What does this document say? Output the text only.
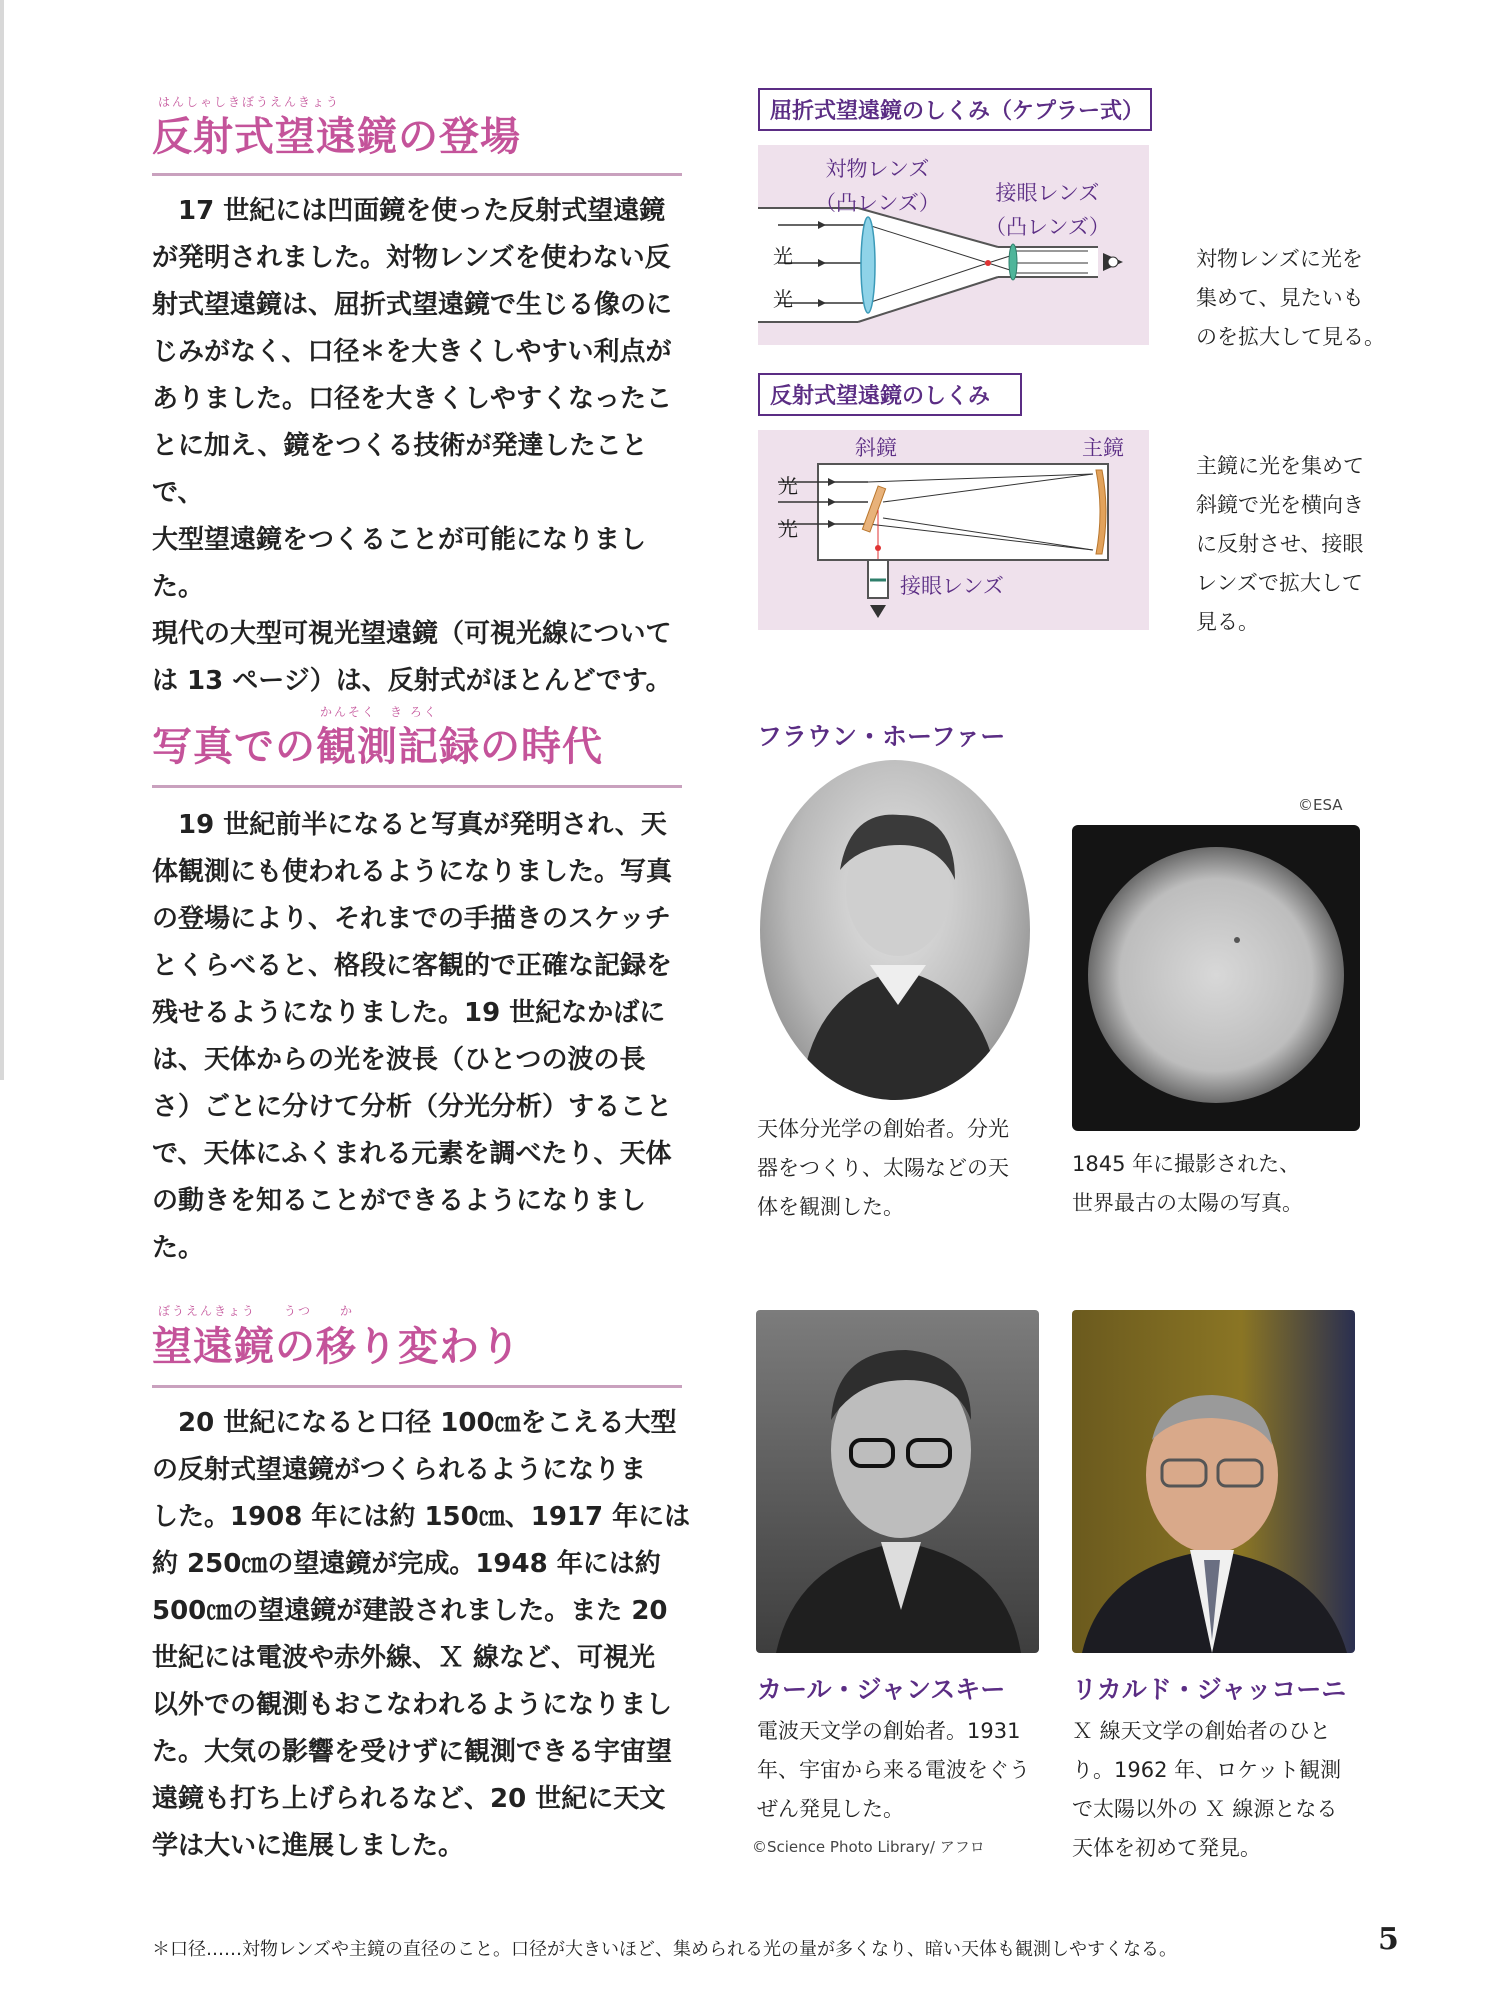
はんしゃしきぼうえんきょう
反射式望遠鏡の登場
　17 世紀には凹面鏡を使った反射式望遠鏡
が発明されました。対物レンズを使わない反
射式望遠鏡は、屈折式望遠鏡で生じる像のに
じみがなく、口径＊を大きくしやすい利点が
ありました。口径を大きくしやすくなったこ
とに加え、鏡をつくる技術が発達したことで、
大型望遠鏡をつくることが可能になりました。
現代の大型可視光望遠鏡（可視光線について
は 13 ページ）は、反射式がほとんどです。
屈折式望遠鏡のしくみ（ケプラー式）
対物レンズ
（凸レンズ）	接眼レンズ
（凸レンズ）
光
光
対物レンズに光を
集めて、見たいも
のを拡大して見る。
反射式望遠鏡のしくみ
斜鏡	主鏡
接眼レンズ
光
光
主鏡に光を集めて
斜鏡で光を横向き
に反射させ、接眼
レンズで拡大して
見る。
かんそく　き ろく
写真での観測記録の時代
　19 世紀前半になると写真が発明され、天
体観測にも使われるようになりました。写真
の登場により、それまでの手描きのスケッチ
とくらべると、格段に客観的で正確な記録を
残せるようになりました。19 世紀なかばに
は、天体からの光を波長（ひとつの波の長
さ）ごとに分けて分析（分光分析）すること
で、天体にふくまれる元素を調べたり、天体
の動きを知ることができるようになりました。
フラウン・ホーファー
天体分光学の創始者。分光
器をつくり、太陽などの天
体を観測した。
©ESA
1845 年に撮影された、
世界最古の太陽の写真。
ぼうえんきょう　　うつ　　か
望遠鏡の移り変わり
　20 世紀になると口径 100㎝をこえる大型
の反射式望遠鏡がつくられるようになりま
した。1908 年には約 150㎝、1917 年には
約 250㎝の望遠鏡が完成。1948 年には約
500㎝の望遠鏡が建設されました。また 20
世紀には電波や赤外線、Ｘ 線など、可視光
以外での観測もおこなわれるようになりまし
た。大気の影響を受けずに観測できる宇宙望
遠鏡も打ち上げられるなど、20 世紀に天文
学は大いに進展しました。
カール・ジャンスキー
電波天文学の創始者。1931
年、宇宙から来る電波をぐう
ぜん発見した。
©Science Photo Library/ アフロ
リカルド・ジャッコーニ
Ｘ 線天文学の創始者のひと
り。1962 年、ロケット観測
で太陽以外の Ｘ 線源となる
天体を初めて発見。
＊口径……対物レンズや主鏡の直径のこと。口径が大きいほど、集められる光の量が多くなり、暗い天体も観測しやすくなる。	5
